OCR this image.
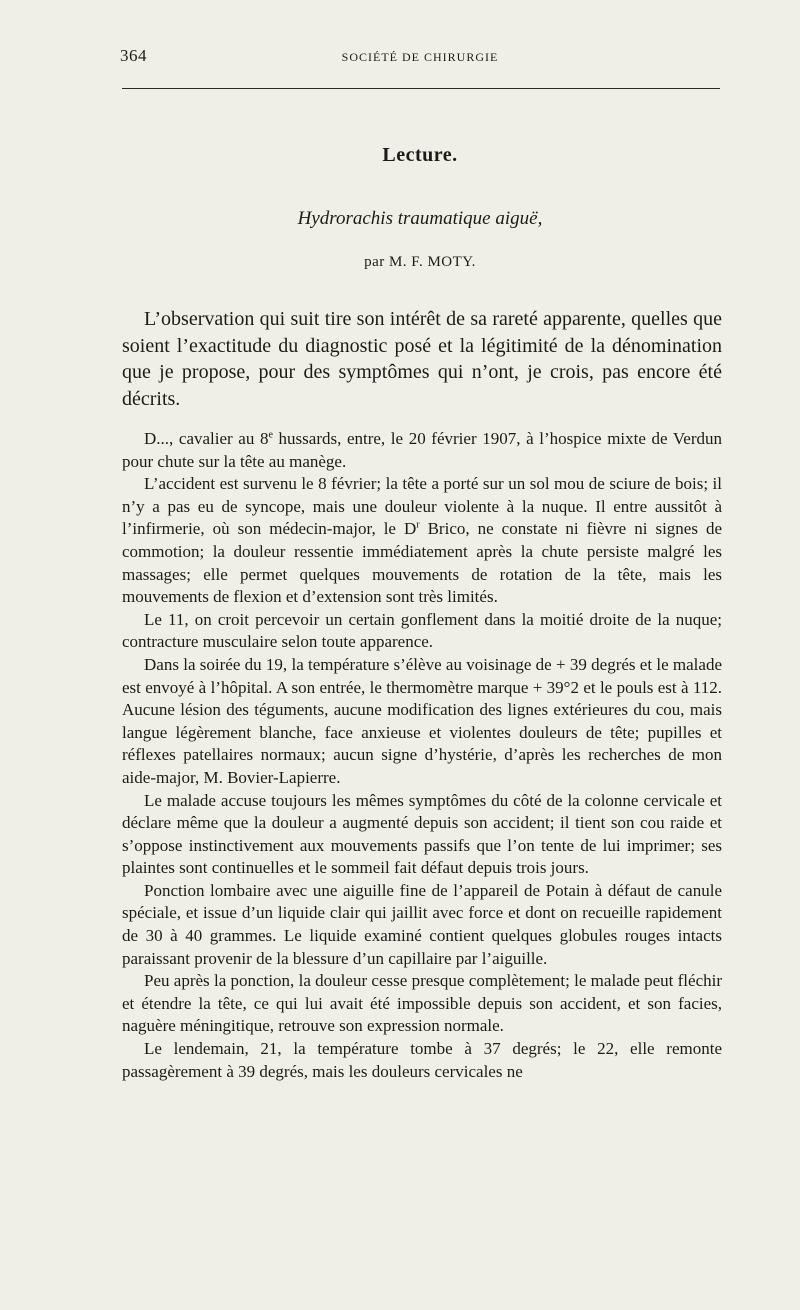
364	SOCIÉTÉ DE CHIRURGIE
Lecture.
Hydrorachis traumatique aiguë,
par M. F. MOTY.

L’observation qui suit tire son intérêt de sa rareté apparente, quelles que soient l’exactitude du diagnostic posé et la légitimité de la dénomination que je propose, pour des symptômes qui n’ont, je crois, pas encore été décrits.

D..., cavalier au 8e hussards, entre, le 20 février 1907, à l’hospice mixte de Verdun pour chute sur la tête au manège.

L’accident est survenu le 8 février; la tête a porté sur un sol mou de sciure de bois; il n’y a pas eu de syncope, mais une douleur violente à la nuque. Il entre aussitôt à l’infirmerie, où son médecin-major, le $D^r$ Brico, ne constate ni fièvre ni signes de commotion; la douleur ressentie immédiatement après la chute persiste malgré les massages; elle permet quelques mouvements de rotation de la tête, mais les mouvements de flexion et d’extension sont très limités.

Le 11, on croit percevoir un certain gonflement dans la moitié droite de la nuque; contracture musculaire selon toute apparence.

Dans la soirée du 19, la température s’élève au voisinage de + 39 degrés et le malade est envoyé à l’hôpital. A son entrée, le thermomètre marque + 39°2 et le pouls est à 112. Aucune lésion des téguments, aucune modification des lignes extérieures du cou, mais langue légèrement blanche, face anxieuse et violentes douleurs de tête; pupilles et réflexes patellaires normaux; aucun signe d’hystérie, d’après les recherches de mon aide-major, M. Bovier-Lapierre.

Le malade accuse toujours les mêmes symptômes du côté de la colonne cervicale et déclare même que la douleur a augmenté depuis son accident; il tient son cou raide et s’oppose instinctivement aux mouvements passifs que l’on tente de lui imprimer; ses plaintes sont continuelles et le sommeil fait défaut depuis trois jours.

Ponction lombaire avec une aiguille fine de l’appareil de Potain à défaut de canule spéciale, et issue d’un liquide clair qui jaillit avec force et dont on recueille rapidement de 30 à 40 grammes. Le liquide examiné contient quelques globules rouges intacts paraissant provenir de la blessure d’un capillaire par l’aiguille.

Peu après la ponction, la douleur cesse presque complètement; le malade peut fléchir et étendre la tête, ce qui lui avait été impossible depuis son accident, et son facies, naguère méningitique, retrouve son expression normale.

Le lendemain, 21, la température tombe à 37 degrés; le 22, elle remonte passagèrement à 39 degrés, mais les douleurs cervicales ne
